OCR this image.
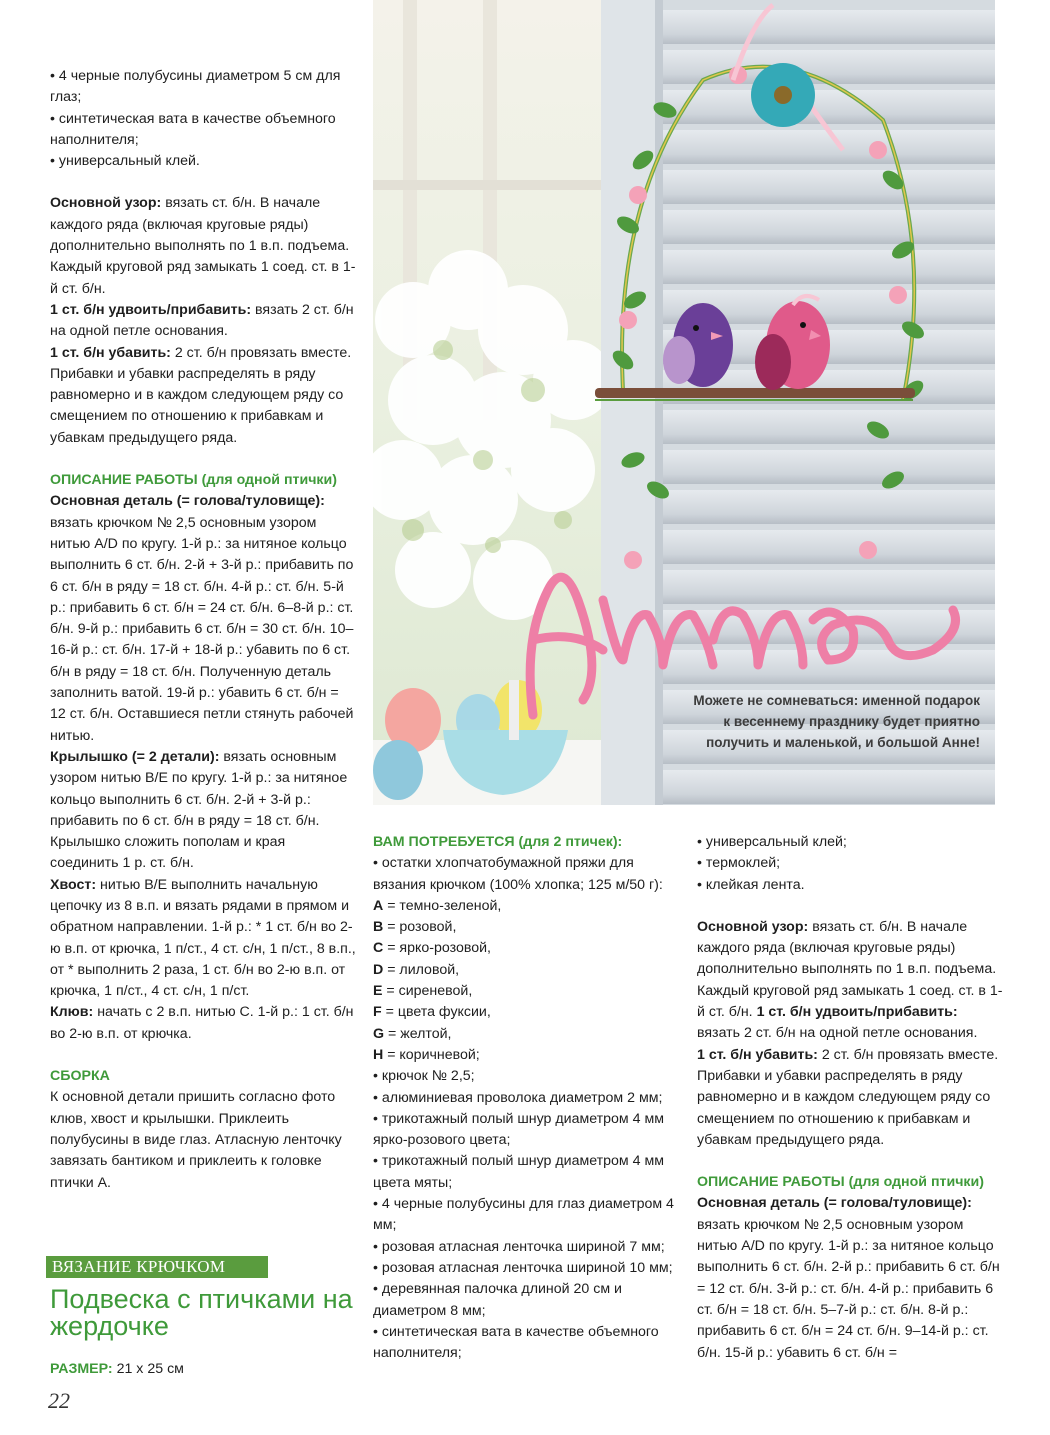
• 4 черные полубусины диаметром 5 см для глаз;

• синтетическая вата в качестве объемного наполнителя;

• универсальный клей.

Основной узор: вязать ст. б/н. В начале каждого ряда (включая круговые ряды) дополнительно выполнять по 1 в.п. подъема. Каждый круговой ряд замыкать 1 соед. ст. в 1-й ст. б/н.

1 ст. б/н удвоить/прибавить: вязать 2 ст. б/н на одной петле основания.

1 ст. б/н убавить: 2 ст. б/н провязать вместе.

Прибавки и убавки распределять в ряду равномерно и в каждом следующем ряду со смещением по отношению к прибавкам и убавкам предыдущего ряда.

ОПИСАНИЕ РАБОТЫ (для одной птички)

Основная деталь (= голова/туловище): вязать крючком № 2,5 основным узором нитью A/D по кругу. 1-й р.: за нитяное кольцо выполнить 6 ст. б/н. 2-й + 3-й р.: прибавить по 6 ст. б/н в ряду = 18 ст. б/н. 4-й р.: ст. б/н. 5-й р.: прибавить 6 ст. б/н = 24 ст. б/н. 6–8-й р.: ст. б/н. 9-й р.: прибавить 6 ст. б/н = 30 ст. б/н. 10–16-й р.: ст. б/н. 17-й + 18-й р.: убавить по 6 ст. б/н в ряду = 18 ст. б/н. Полученную деталь заполнить ватой. 19-й р.: убавить 6 ст. б/н = 12 ст. б/н. Оставшиеся петли стянуть рабочей нитью.

Крылышко (= 2 детали): вязать основным узором нитью B/E по кругу. 1-й р.: за нитяное кольцо выполнить 6 ст. б/н. 2-й + 3-й р.: прибавить по 6 ст. б/н в ряду = 18 ст. б/н. Крылышко сложить пополам и края соединить 1 р. ст. б/н.

Хвост: нитью B/E выполнить начальную цепочку из 8 в.п. и вязать рядами в прямом и обратном направлении. 1-й р.: * 1 ст. б/н во 2-ю в.п. от крючка, 1 п/ст., 4 ст. с/н, 1 п/ст., 8 в.п., от * выполнить 2 раза, 1 ст. б/н во 2-ю в.п. от крючка, 1 п/ст., 4 ст. с/н, 1 п/ст.

Клюв: начать с 2 в.п. нитью C. 1-й р.: 1 ст. б/н во 2-ю в.п. от крючка.

СБОРКА

К основной детали пришить согласно фото клюв, хвост и крылышки. Приклеить полубусины в виде глаз. Атласную ленточку завязать бантиком и приклеить к головке птички А.

Можете не сомневаться: именной подарок к весеннему празднику будет приятно получить и маленькой, и большой Анне!

ВАМ ПОТРЕБУЕТСЯ (для 2 птичек):

• остатки хлопчатобумажной пряжи для вязания крючком (100% хлопка; 125 м/50 г):

A = темно-зеленой,

B = розовой,

C = ярко-розовой,

D = лиловой,

E = сиреневой,

F = цвета фуксии,

G = желтой,

H = коричневой;

• крючок № 2,5;

• алюминиевая проволока диаметром 2 мм;

• трикотажный полый шнур диаметром 4 мм ярко-розового цвета;

• трикотажный полый шнур диаметром 4 мм цвета мяты;

• 4 черные полубусины для глаз диаметром 4 мм;

• розовая атласная ленточка шириной 7 мм;

• розовая атласная ленточка шириной 10 мм;

• деревянная палочка длиной 20 см и диаметром 8 мм;

• синтетическая вата в качестве объемного наполнителя;

• универсальный клей;

• термоклей;

• клейкая лента.

Основной узор: вязать ст. б/н. В начале каждого ряда (включая круговые ряды) дополнительно выполнять по 1 в.п. подъема. Каждый круговой ряд замыкать 1 соед. ст. в 1-й ст. б/н. 1 ст. б/н удвоить/прибавить: вязать 2 ст. б/н на одной петле основания.

1 ст. б/н убавить: 2 ст. б/н провязать вместе.

Прибавки и убавки распределять в ряду равномерно и в каждом следующем ряду со смещением по отношению к прибавкам и убавкам предыдущего ряда.

ОПИСАНИЕ РАБОТЫ (для одной птички)

Основная деталь (= голова/туловище): вязать крючком № 2,5 основным узором нитью A/D по кругу. 1-й р.: за нитяное кольцо выполнить 6 ст. б/н. 2-й р.: прибавить 6 ст. б/н = 12 ст. б/н. 3-й р.: ст. б/н. 4-й р.: прибавить 6 ст. б/н = 18 ст. б/н. 5–7-й р.: ст. б/н. 8-й р.: прибавить 6 ст. б/н = 24 ст. б/н. 9–14-й р.: ст. б/н. 15-й р.: убавить 6 ст. б/н =

ВЯЗАНИЕ КРЮЧКОМ
Подвеска с птичками на жердочке
РАЗМЕР: 21 х 25 см
22
